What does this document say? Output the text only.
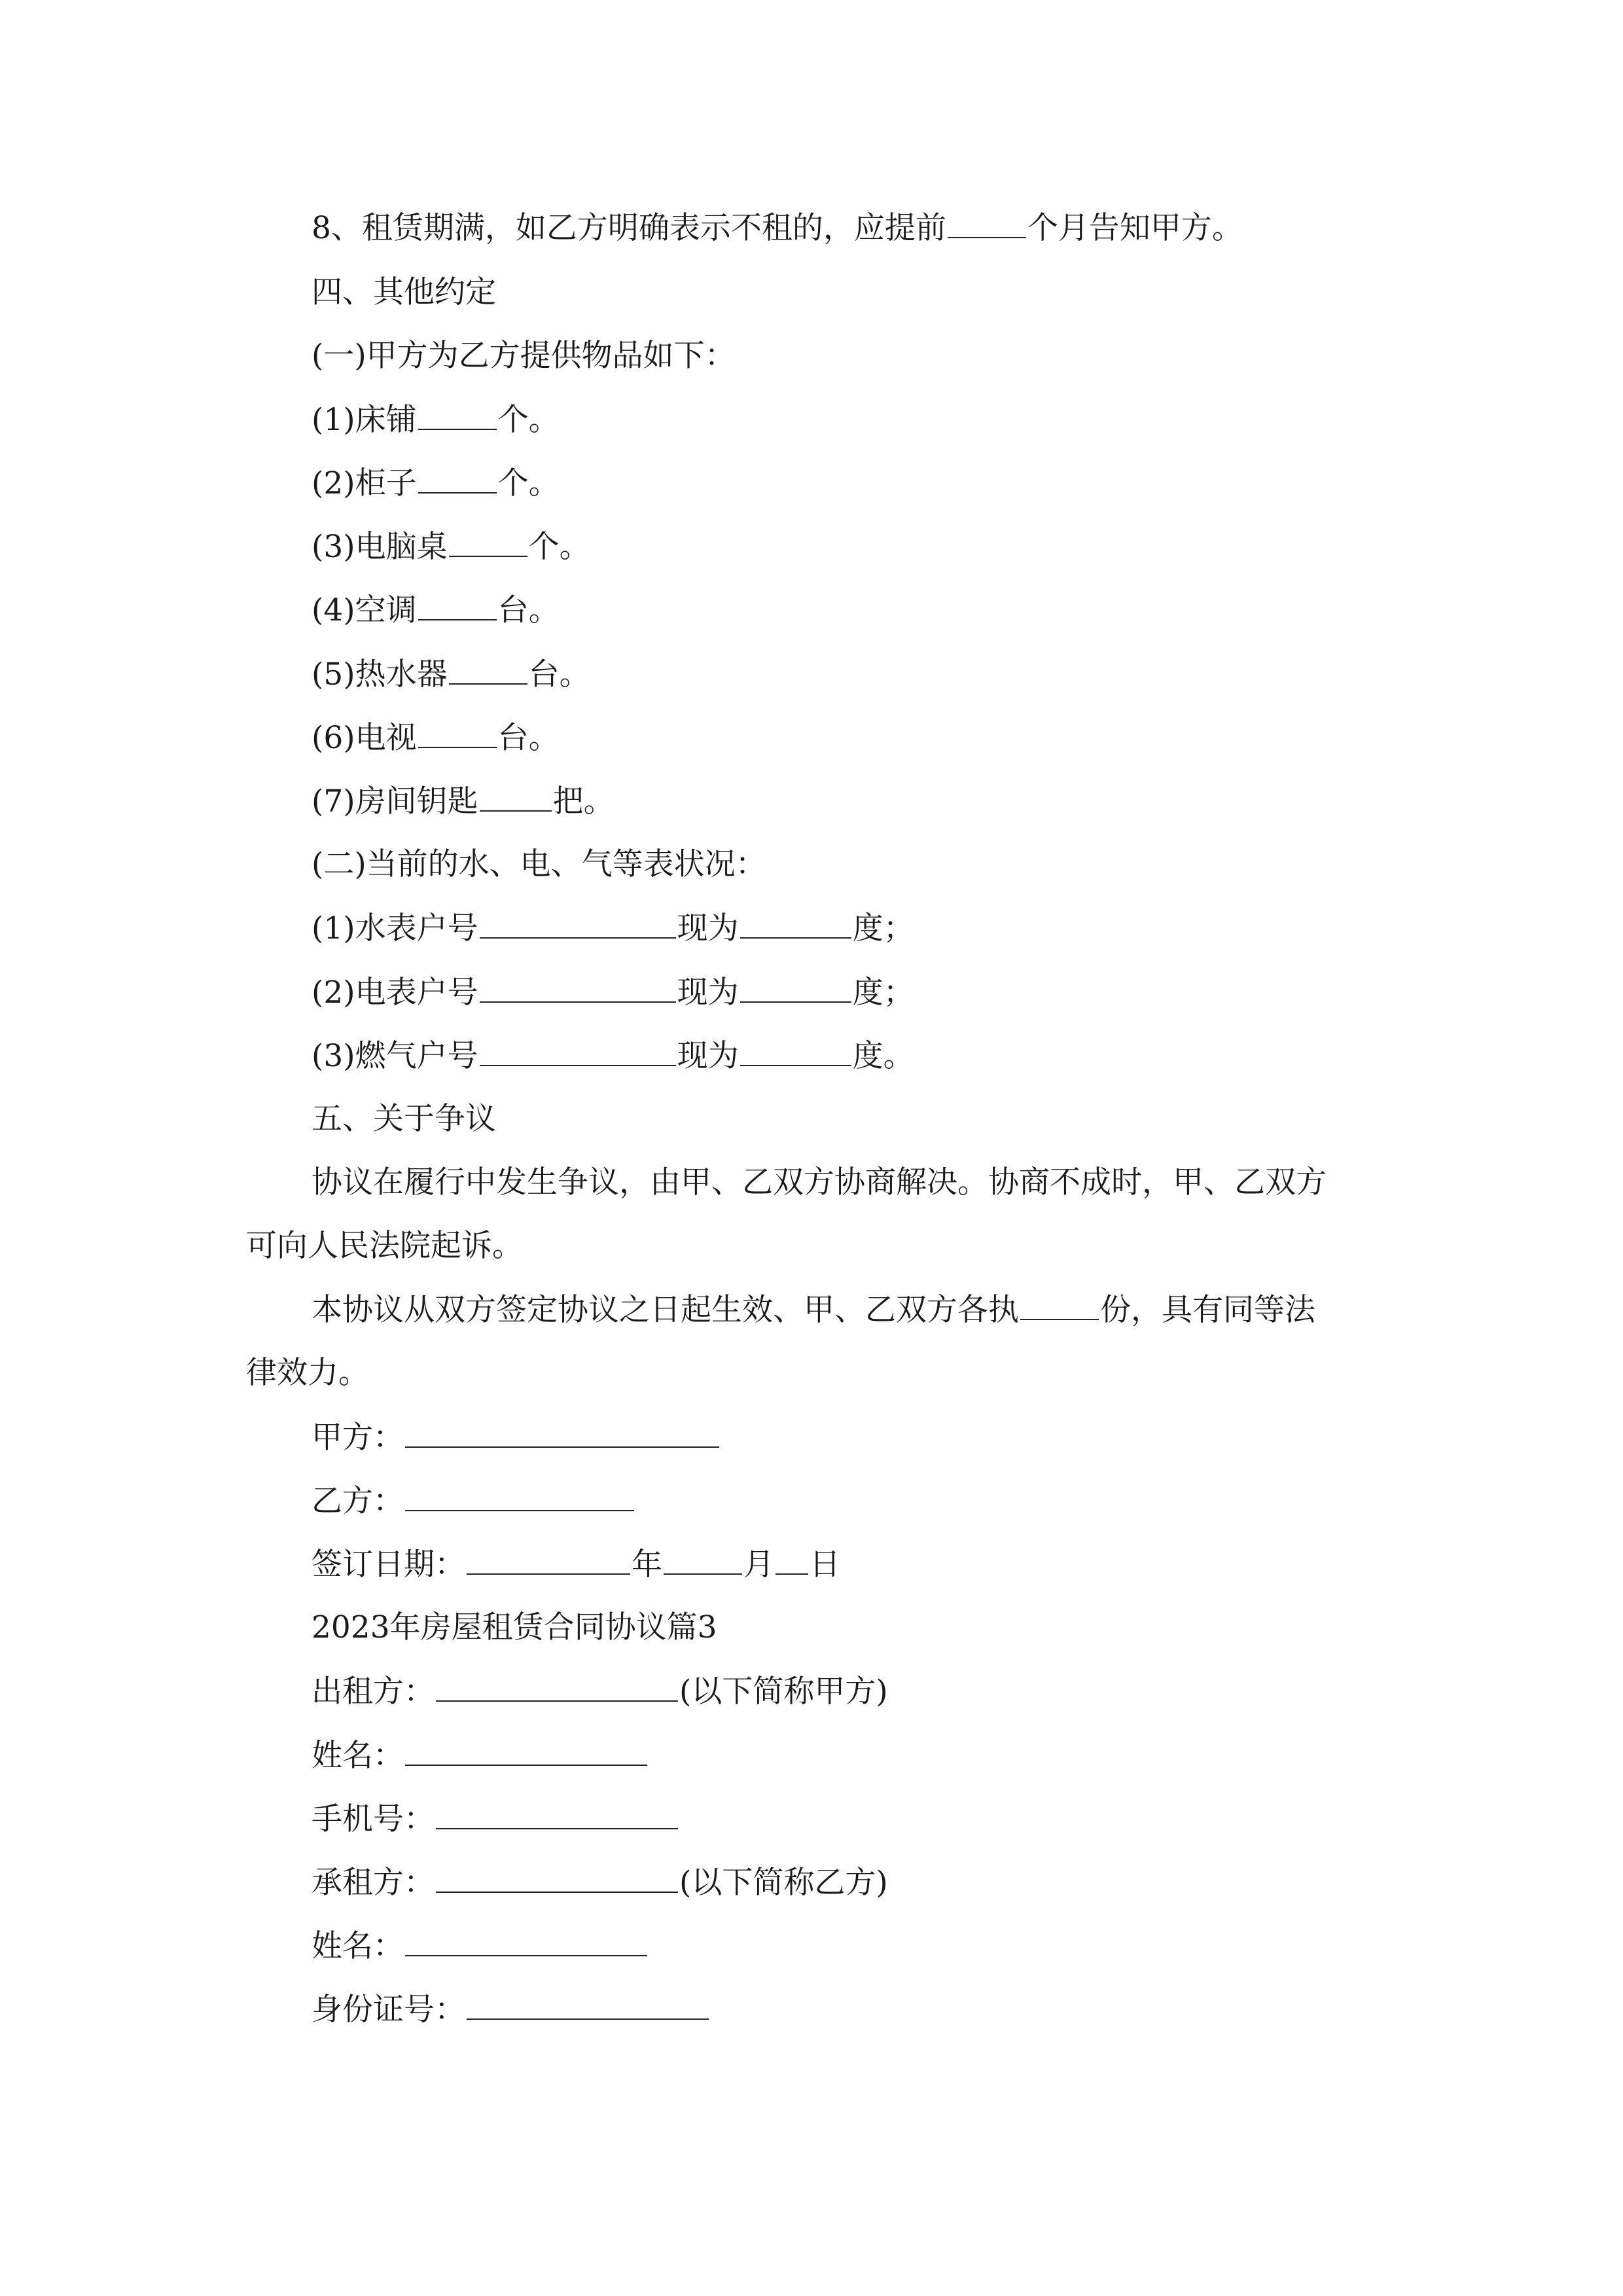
8、租赁期满，如乙方明确表示不租的，应提前	个月告知甲方。
四、其他约定
(一)甲方为乙方提供物品如下：
(1)床铺	个。
(2)柜子	个。
(3)电脑桌	个。
(4)空调	台。
(5)热水器	台。
(6)电视	台。
(7)房间钥匙 把。
(二)当前的水、电、气等表状况：
(1)水表户号	现为	度；
(2)电表户号	现为	度；
(3)燃气户号	现为	度。
五、关于争议
协议在履行中发生争议，由甲、乙双方协商解决。协商不成时，甲、乙双方
可向人民法院起诉。
本协议从双方签定协议之日起生效、甲、乙双方各执	份，具有同等法
律效力。
甲方：
乙方：
签订日期：	年	月 日
2023年房屋租赁合同协议篇3
出租方：	(以下简称甲方)
姓名：
手机号：
承租方：	(以下简称乙方)
姓名：
身份证号：
